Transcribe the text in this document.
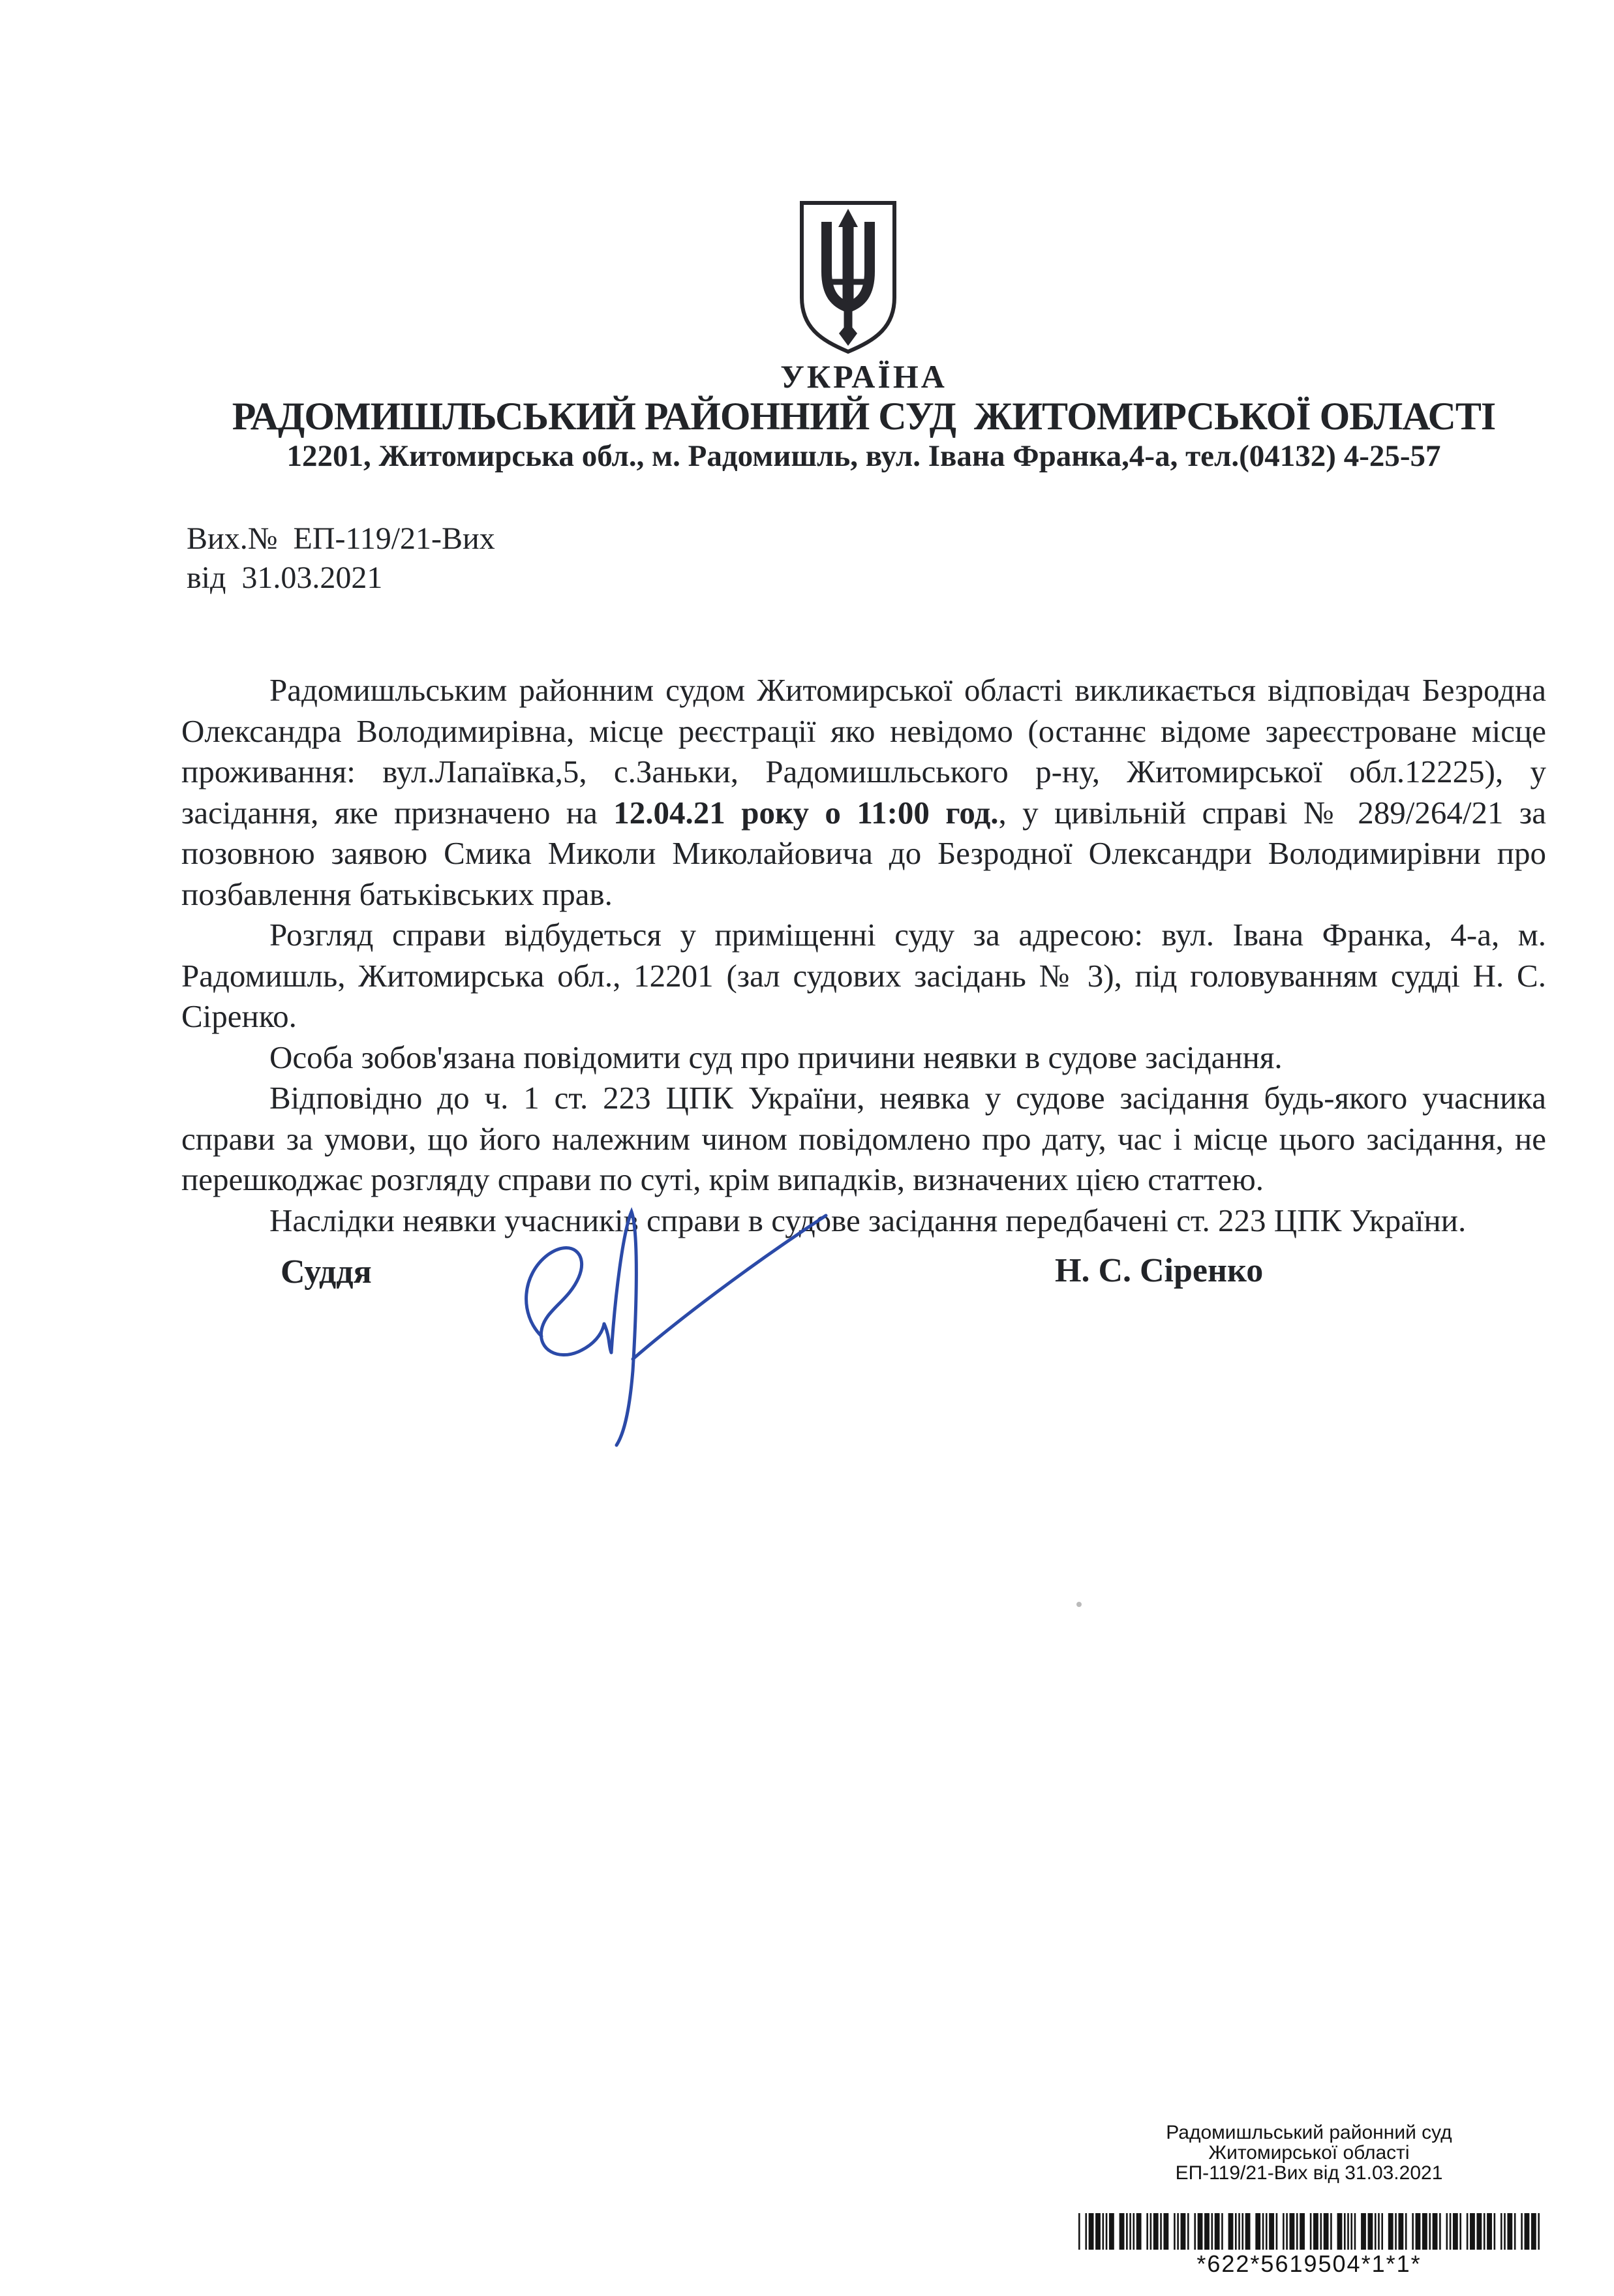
УКРАЇНА
РАДОМИШЛЬСЬКИЙ РАЙОННИЙ СУД  ЖИТОМИРСЬКОЇ ОБЛАСТІ
12201, Житомирська обл., м. Радомишль, вул. Івана Франка,4-а, тел.(04132) 4-25-57
Вих.№  ЕП-119/21-Вих
від  31.03.2021

Радомишльським районним судом Житомирської області викликається відповідач Безродна Олександра Володимирівна, місце реєстрації яко невідомо (останнє відоме зареєстроване місце проживання: вул.Лапаївка,5, с.Заньки, Радомишльського р-ну, Житомирської обл.12225), у засідання, яке призначено на 12.04.21 року о 11:00 год., у цивільній справі № 289/264/21 за позовною заявою Смика Миколи Миколайовича до Безродної Олександри Володимирівни про позбавлення батьківських прав.

Розгляд справи відбудеться у приміщенні суду за адресою: вул. Івана Франка, 4-а, м. Радомишль, Житомирська обл., 12201 (зал судових засідань № 3), під головуванням судді Н. С. Сіренко.

Особа зобов'язана повідомити суд про причини неявки в судове засідання.

Відповідно до ч. 1 ст. 223 ЦПК України, неявка у судове засідання будь-якого учасника справи за умови, що його належним чином повідомлено про дату, час і місце цього засідання, не перешкоджає розгляду справи по суті, крім випадків, визначених цією статтею.

Наслідки неявки учасників справи в судове засідання передбачені ст. 223 ЦПК України.

Суддя	Н. С. Сіренко
Радомишльський районний суд
Житомирської області
ЕП-119/21-Вих від 31.03.2021
*622*5619504*1*1*
